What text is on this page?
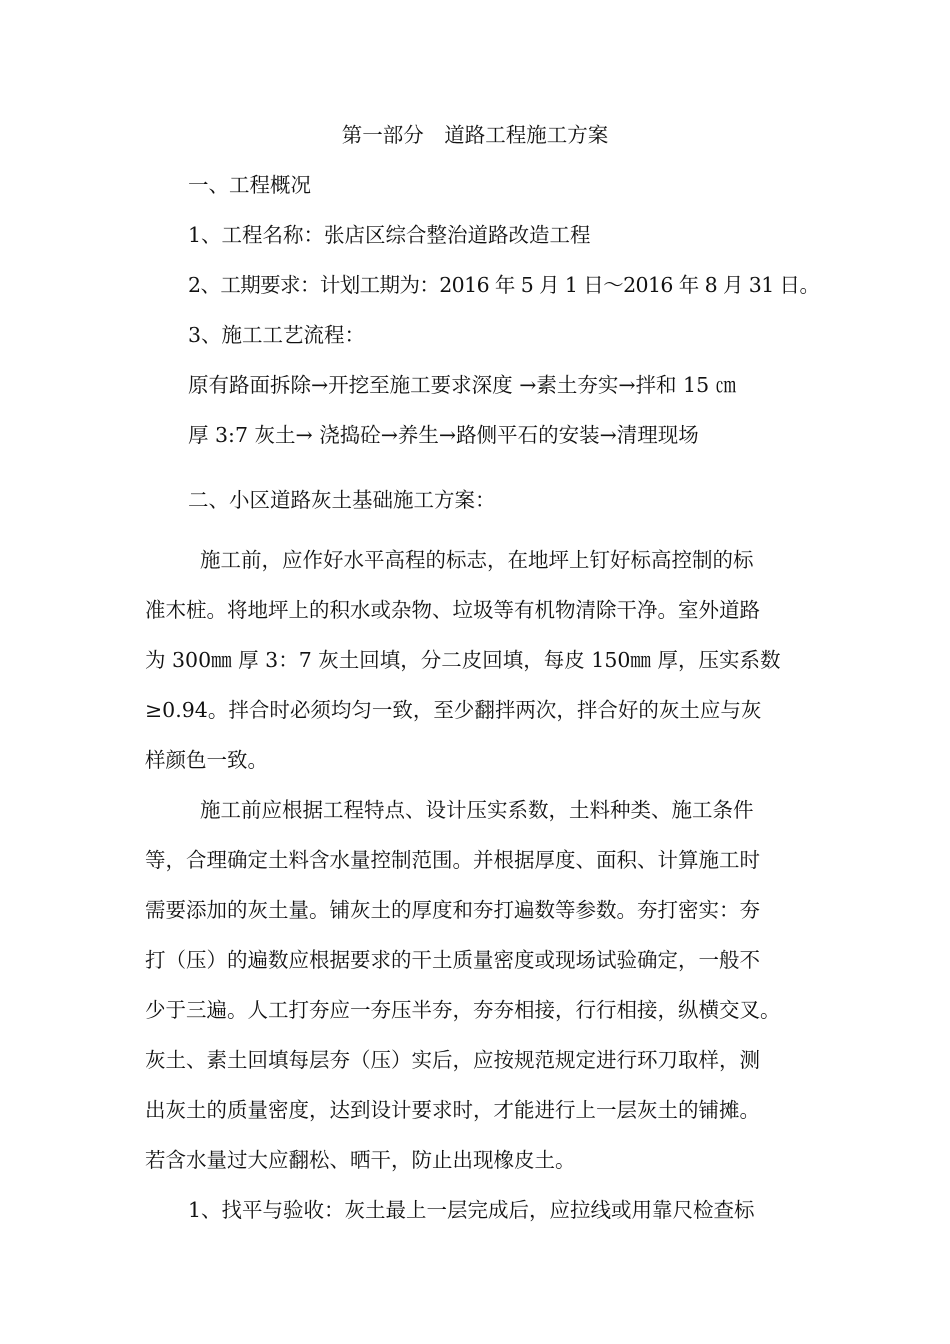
第一部分　道路工程施工方案
一、工程概况
1、工程名称：张店区综合整治道路改造工程
2、工期要求：计划工期为：2016 年 5 月 1 日～2016 年 8 月 31 日。
3、施工工艺流程：
原有路面拆除→开挖至施工要求深度 →素土夯实→拌和 15 ㎝
厚 3:7 灰土→ 浇捣砼→养生→路侧平石的安装→清理现场
二、小区道路灰土基础施工方案：
施工前，应作好水平高程的标志，在地坪上钉好标高控制的标
准木桩。将地坪上的积水或杂物、垃圾等有机物清除干净。室外道路
为 300㎜ 厚 3：7 灰土回填，分二皮回填，每皮 150㎜ 厚，压实系数
≥0.94。拌合时必须均匀一致，至少翻拌两次，拌合好的灰土应与灰
样颜色一致。
施工前应根据工程特点、设计压实系数，土料种类、施工条件
等，合理确定土料含水量控制范围。并根据厚度、面积、计算施工时
需要添加的灰土量。铺灰土的厚度和夯打遍数等参数。夯打密实：夯
打（压）的遍数应根据要求的干土质量密度或现场试验确定，一般不
少于三遍。人工打夯应一夯压半夯，夯夯相接，行行相接，纵横交叉。
灰土、素土回填每层夯（压）实后，应按规范规定进行环刀取样，测
出灰土的质量密度，达到设计要求时，才能进行上一层灰土的铺摊。
若含水量过大应翻松、晒干，防止出现橡皮土。
1、找平与验收：灰土最上一层完成后，应拉线或用靠尺检查标
